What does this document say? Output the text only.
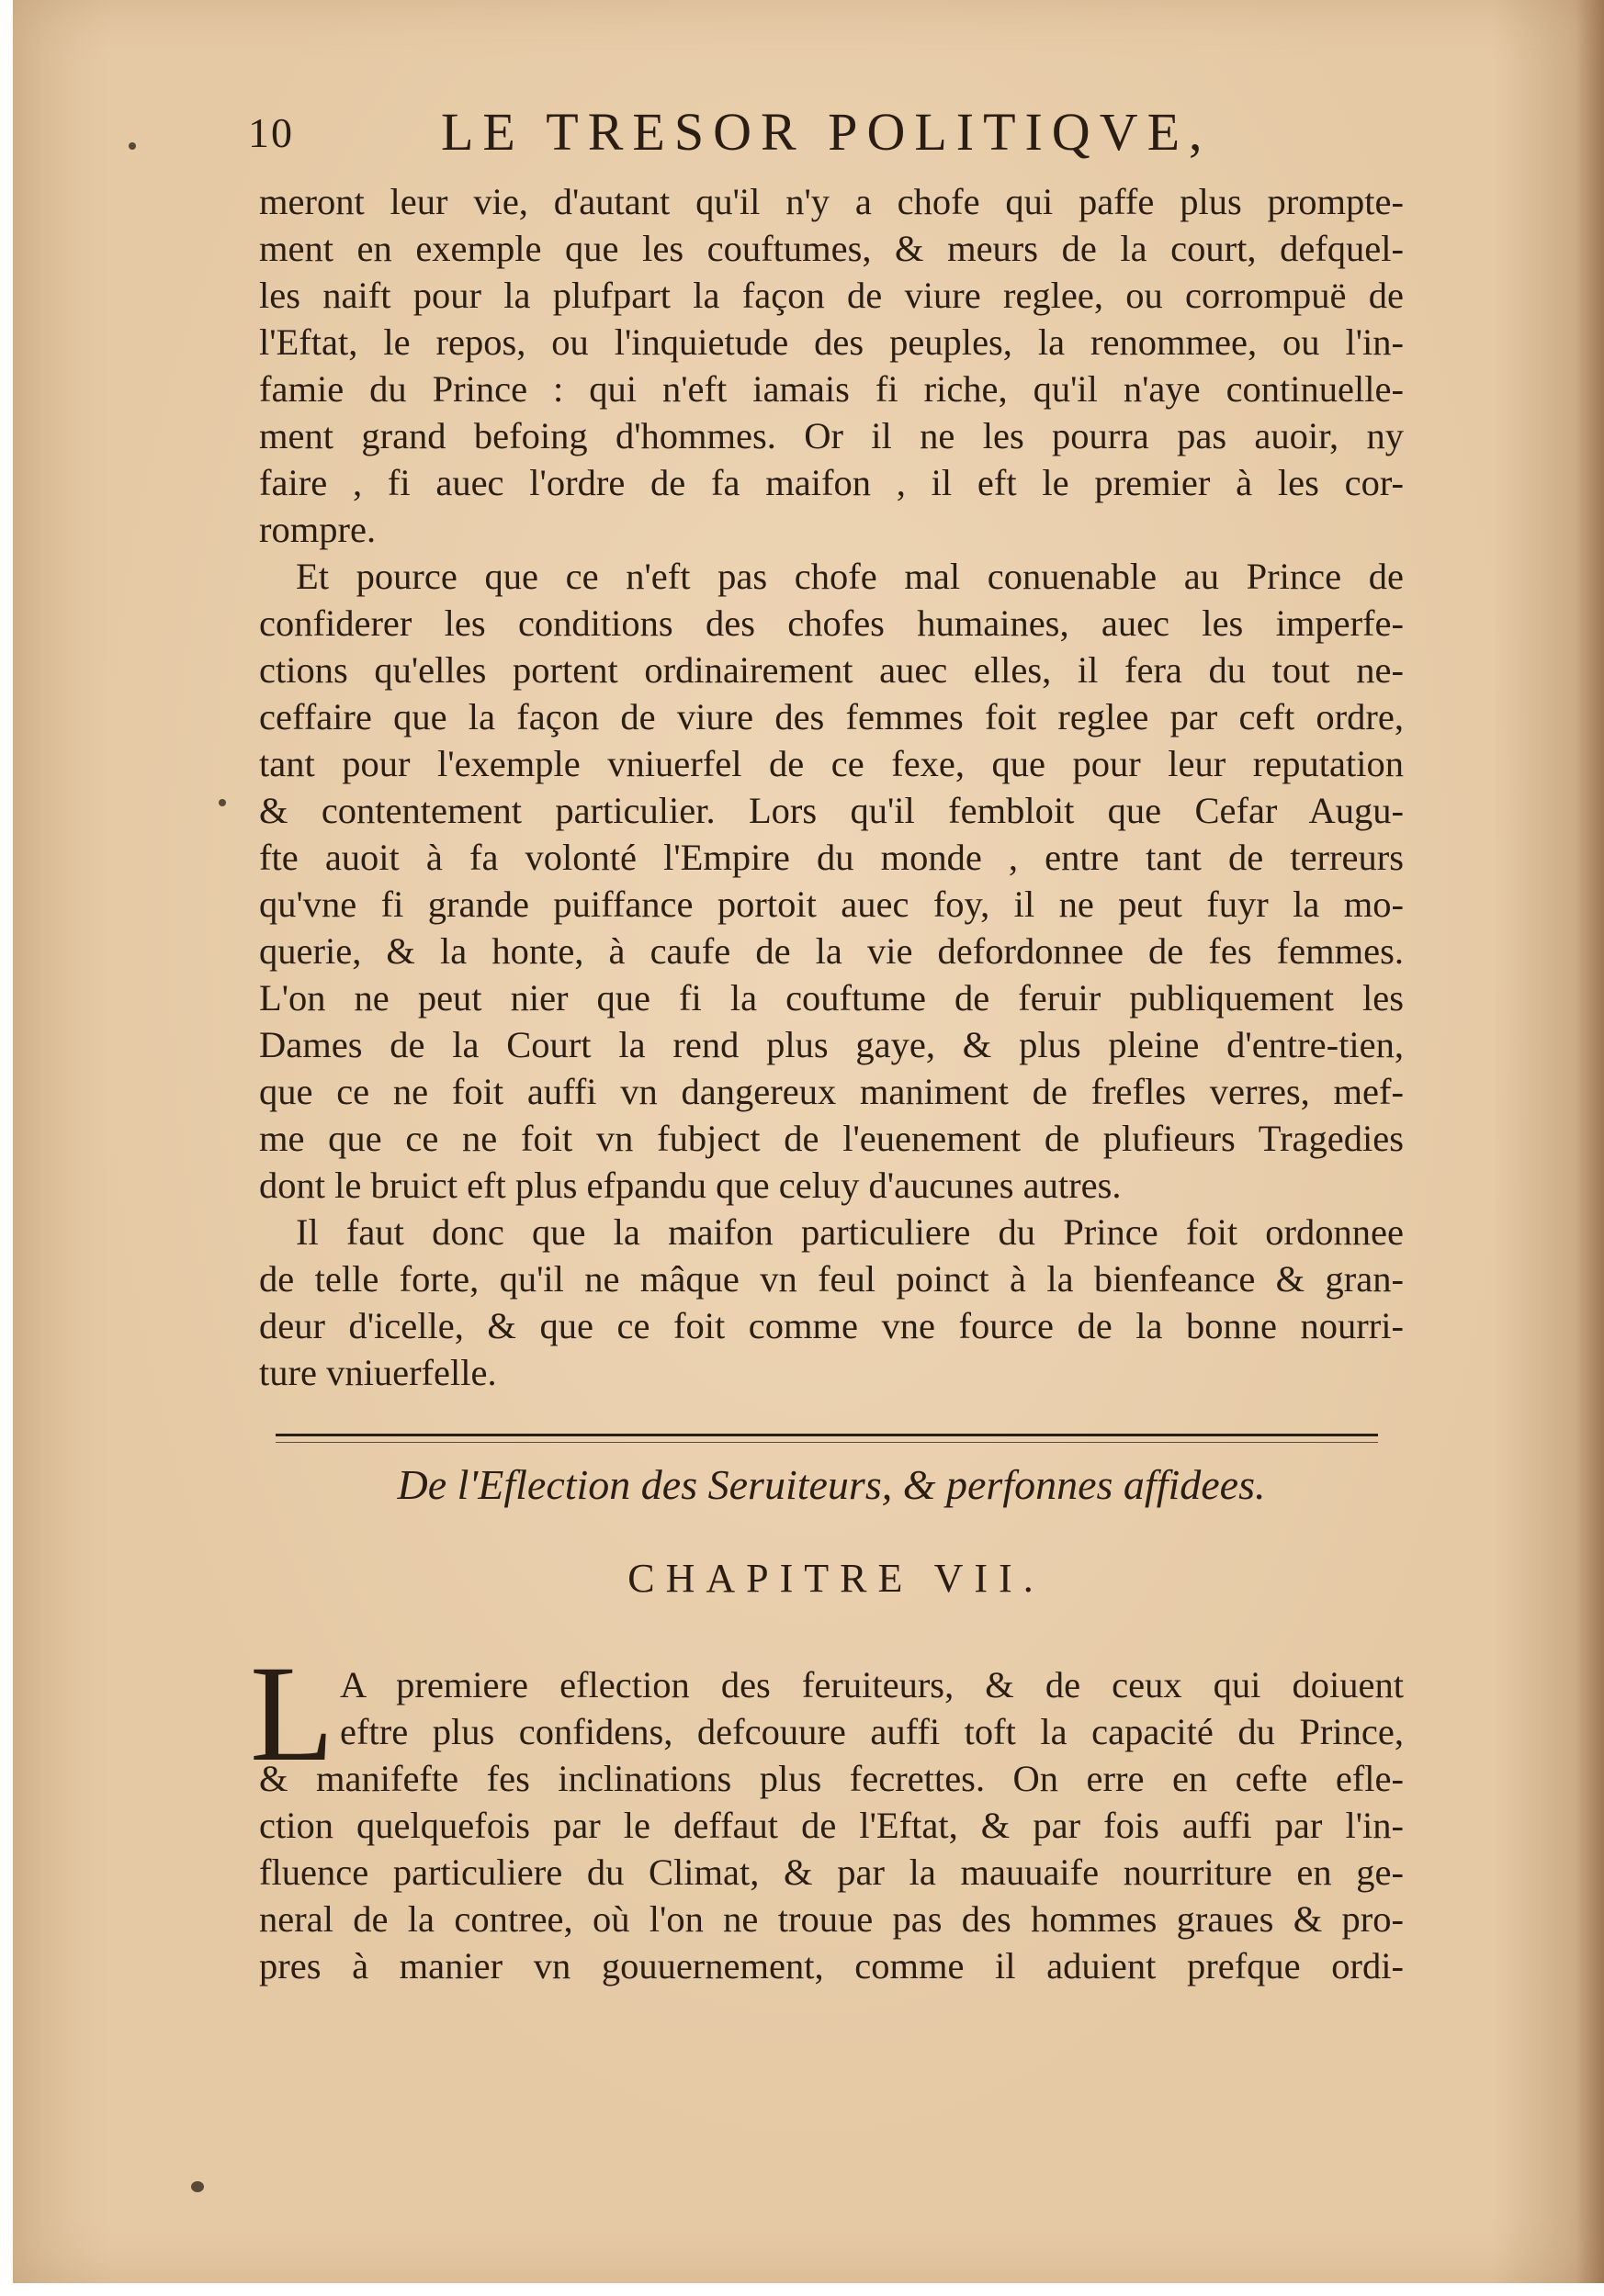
10	LE TRESOR POLITIQVE,
meront leur vie, d'autant qu'il n'y a chofe qui paffe plus prompte-
ment en exemple que les couftumes, & meurs de la court, defquel-
les naift pour la plufpart la façon de viure reglee, ou corrompuë de
l'Eftat, le repos, ou l'inquietude des peuples, la renommee, ou l'in-
famie du Prince : qui n'eft iamais fi riche, qu'il n'aye continuelle-
ment grand befoing d'hommes. Or il ne les pourra pas auoir, ny
faire , fi auec l'ordre de fa maifon , il eft le premier à les cor-
rompre.
Et pource que ce n'eft pas chofe mal conuenable au Prince de
confiderer les conditions des chofes humaines, auec les imperfe-
ctions qu'elles portent ordinairement auec elles, il fera du tout ne-
ceffaire que la façon de viure des femmes foit reglee par ceft ordre,
tant pour l'exemple vniuerfel de ce fexe, que pour leur reputation
& contentement particulier. Lors qu'il fembloit que Cefar Augu-
fte auoit à fa volonté l'Empire du monde , entre tant de terreurs
qu'vne fi grande puiffance portoit auec foy, il ne peut fuyr la mo-
querie, & la honte, à caufe de la vie defordonnee de fes femmes.
L'on ne peut nier que fi la couftume de feruir publiquement les
Dames de la Court la rend plus gaye, & plus pleine d'entre-tien,
que ce ne foit auffi vn dangereux maniment de frefles verres, mef-
me que ce ne foit vn fubject de l'euenement de plufieurs Tragedies
dont le bruict eft plus efpandu que celuy d'aucunes autres.
Il faut donc que la maifon particuliere du Prince foit ordonnee
de telle forte, qu'il ne mâque vn feul poinct à la bienfeance & gran-
deur d'icelle, & que ce foit comme vne fource de la bonne nourri-
ture vniuerfelle.
De l'Eflection des Seruiteurs, & perfonnes affidees.
CHAPITRE VII.
L A premiere eflection des feruiteurs, & de ceux qui doiuent
eftre plus confidens, defcouure auffi toft la capacité du Prince,
& manifefte fes inclinations plus fecrettes. On erre en cefte efle-
ction quelquefois par le deffaut de l'Eftat, & par fois auffi par l'in-
fluence particuliere du Climat, & par la mauuaife nourriture en ge-
neral de la contree, où l'on ne trouue pas des hommes graues & pro-
pres à manier vn gouuernement, comme il aduient prefque ordi-
